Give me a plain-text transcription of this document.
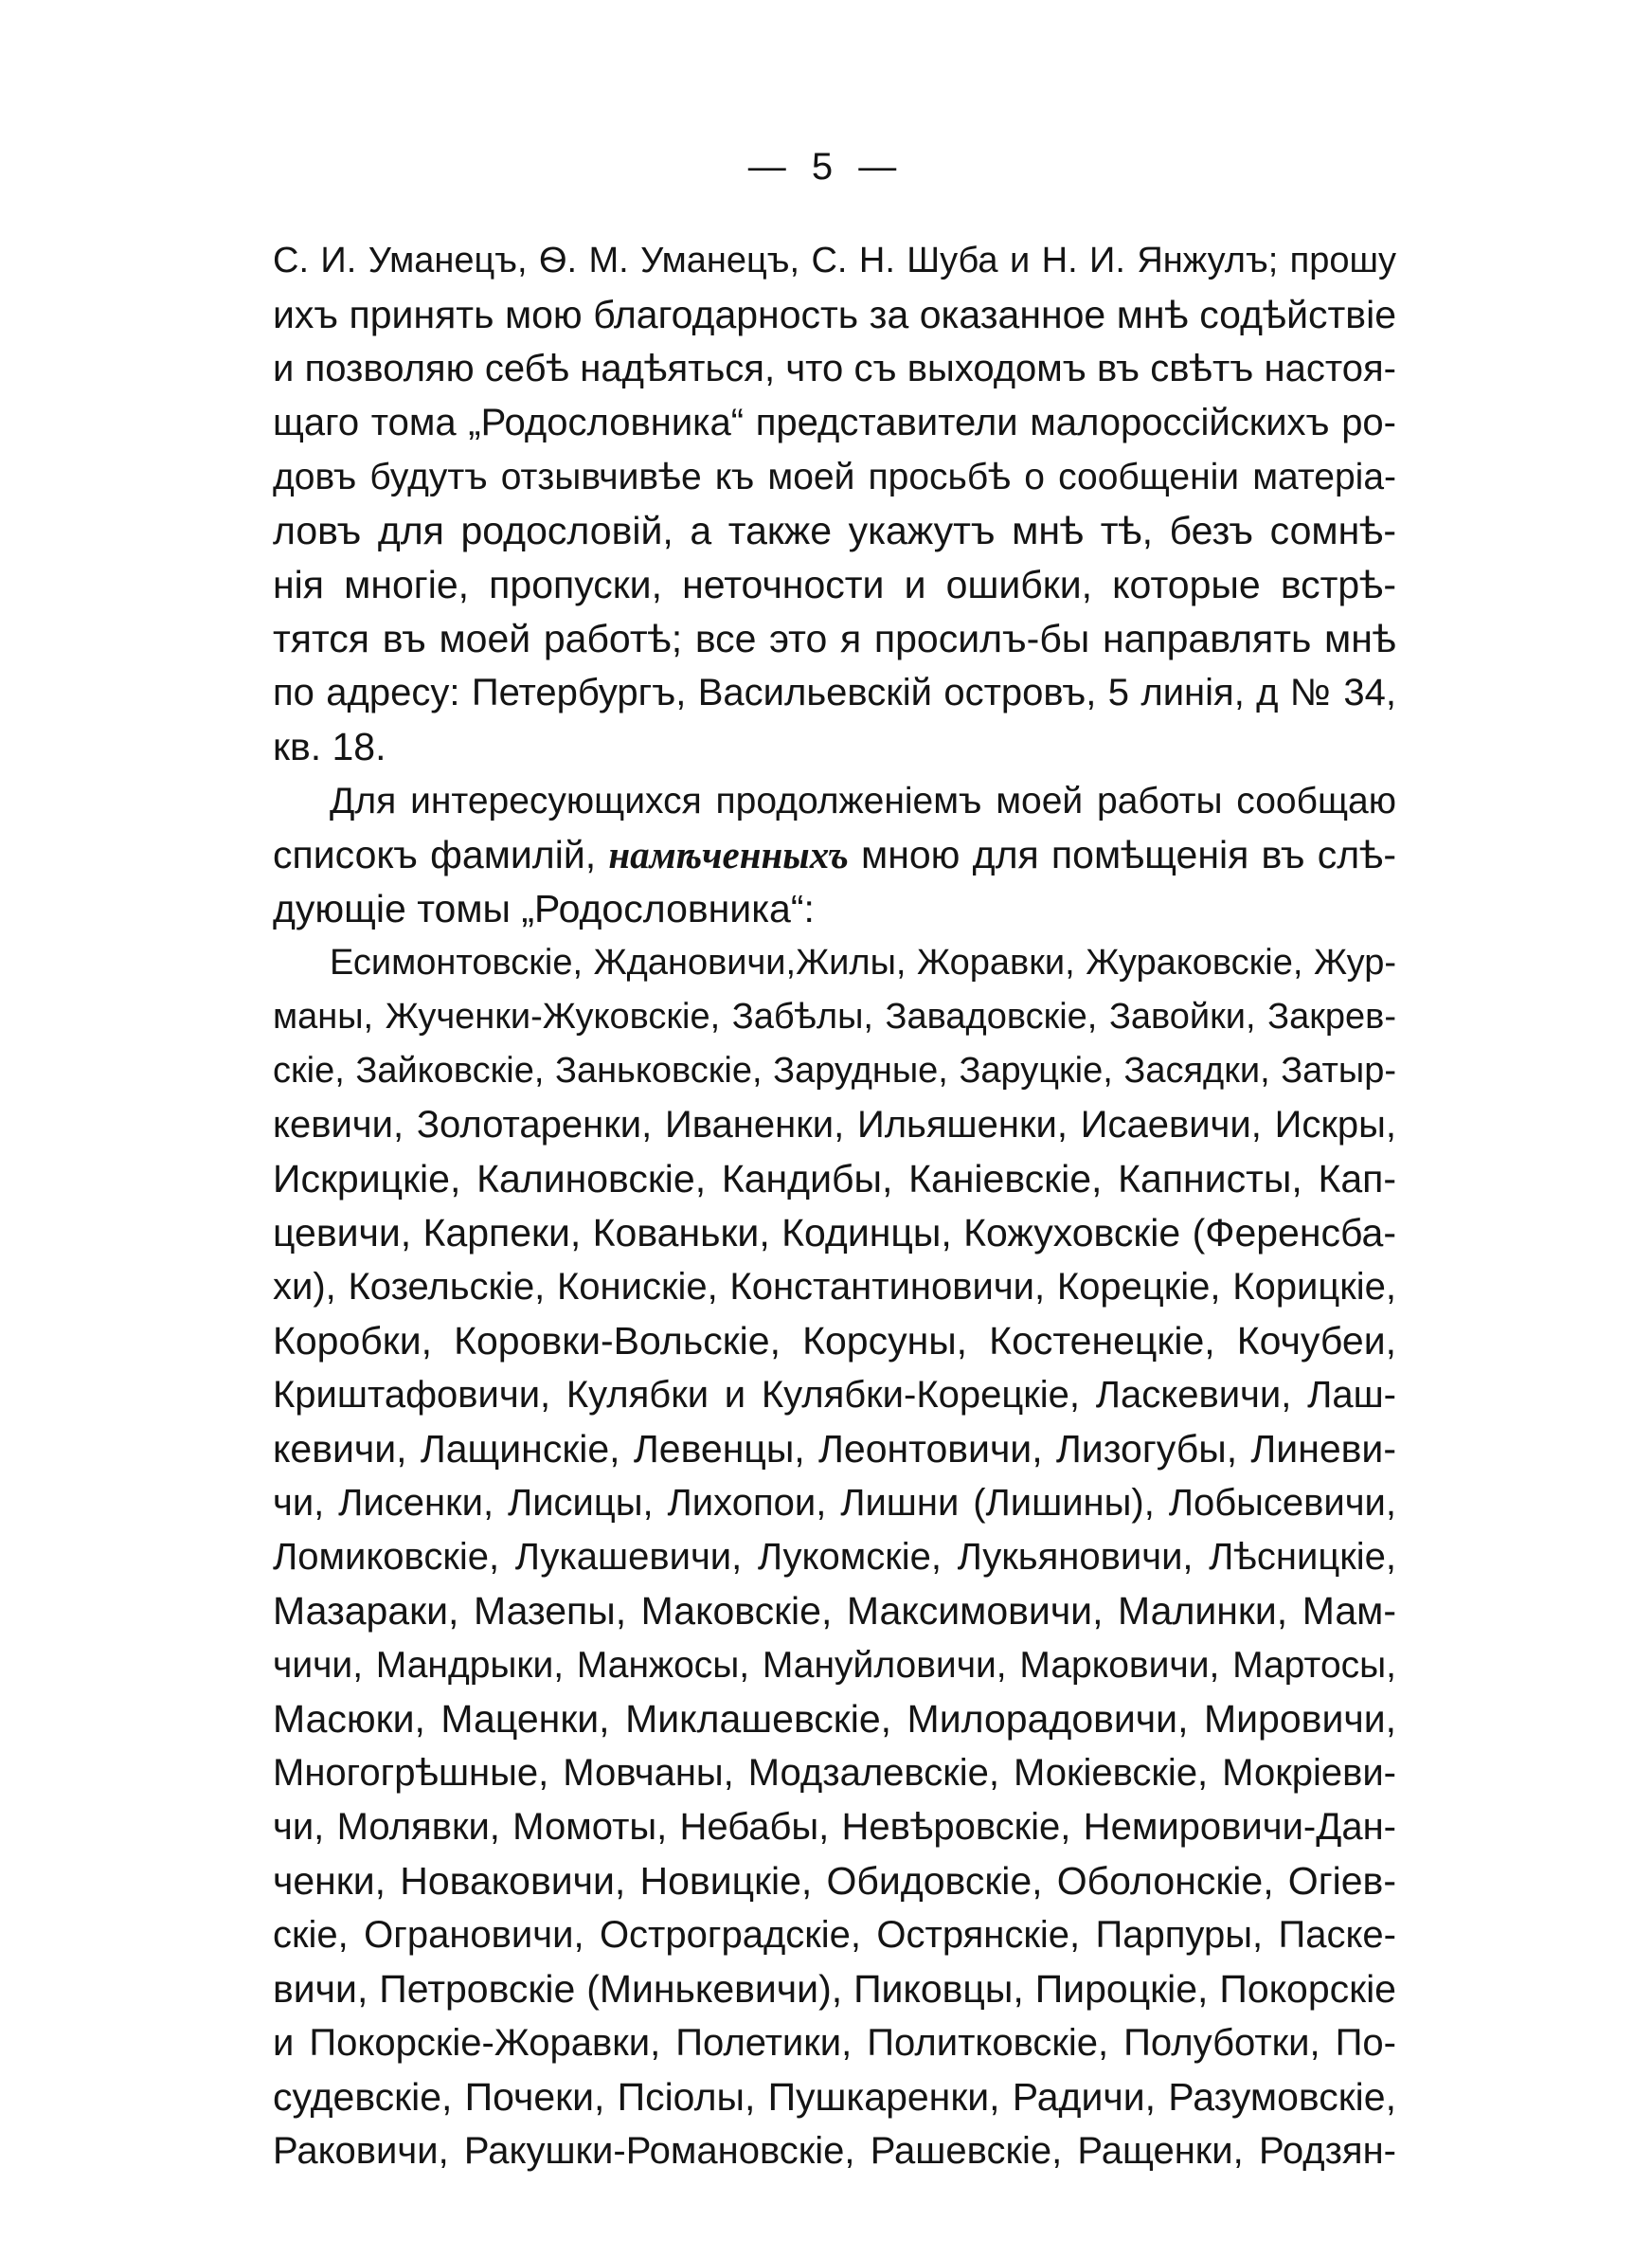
— 5 —
С. И. Уманецъ, Ѳ. М. Уманецъ, С. Н. Шуба и Н. И. Янжулъ; прошу
ихъ принять мою благодарность за оказанное мнѣ содѣйствіе
и позволяю себѣ надѣяться, что съ выходомъ въ свѣтъ настоя-
щаго тома „Родословника“ представители малороссійскихъ ро-
довъ будутъ отзывчивѣе къ моей просьбѣ о сообщеніи матеріа-
ловъ для родословій, а также укажутъ мнѣ тѣ, безъ сомнѣ-
нія многіе, пропуски, неточности и ошибки, которые встрѣ-
тятся въ моей работѣ; все это я просилъ-бы направлять мнѣ
по адресу: Петербургъ, Васильевскій островъ, 5 линія, д № 34,
кв. 18.
Для интересующихся продолженіемъ моей работы сообщаю
списокъ фамилій, намѣченныхъ мною для помѣщенія въ слѣ-
дующіе томы „Родословника“:
Есимонтовскіе, Ждановичи,Жилы, Жоравки, Жураковскіе, Жур-
маны, Жученки-Жуковскіе, Забѣлы, Завадовскіе, Завойки, Закрев-
скіе, Зайковскіе, Заньковскіе, Зарудные, Заруцкіе, Засядки, Затыр-
кевичи, Золотаренки, Иваненки, Ильяшенки, Исаевичи, Искры,
Искрицкіе, Калиновскіе, Кандибы, Каніевскіе, Капнисты, Кап-
цевичи, Карпеки, Кованьки, Кодинцы, Кожуховскіе (Ференсба-
хи), Козельскіе, Конискіе, Константиновичи, Корецкіе, Корицкіе,
Коробки, Коровки-Вольскіе, Корсуны, Костенецкіе, Кочубеи,
Криштафовичи, Кулябки и Кулябки-Корецкіе, Ласкевичи, Лаш-
кевичи, Лащинскіе, Левенцы, Леонтовичи, Лизогубы, Линеви-
чи, Лисенки, Лисицы, Лихопои, Лишни (Лишины), Лобысевичи,
Ломиковскіе, Лукашевичи, Лукомскіе, Лукьяновичи, Лѣсницкіе,
Мазараки, Мазепы, Маковскіе, Максимовичи, Малинки, Мам-
чичи, Мандрыки, Манжосы, Мануйловичи, Марковичи, Мартосы,
Масюки, Маценки, Миклашевскіе, Милорадовичи, Мировичи,
Многогрѣшные, Мовчаны, Модзалевскіе, Мокіевскіе, Мокріеви-
чи, Молявки, Момоты, Небабы, Невѣровскіе, Немировичи-Дан-
ченки, Новаковичи, Новицкіе, Обидовскіе, Оболонскіе, Огіев-
скіе, Ограновичи, Остроградскіе, Острянскіе, Парпуры, Паске-
вичи, Петровскіе (Минькевичи), Пиковцы, Пироцкіе, Покорскіе
и Покорскіе-Жоравки, Полетики, Политковскіе, Полуботки, По-
судевскіе, Почеки, Псіолы, Пушкаренки, Радичи, Разумовскіе,
Раковичи, Ракушки-Романовскіе, Рашевскіе, Ращенки, Родзян-
